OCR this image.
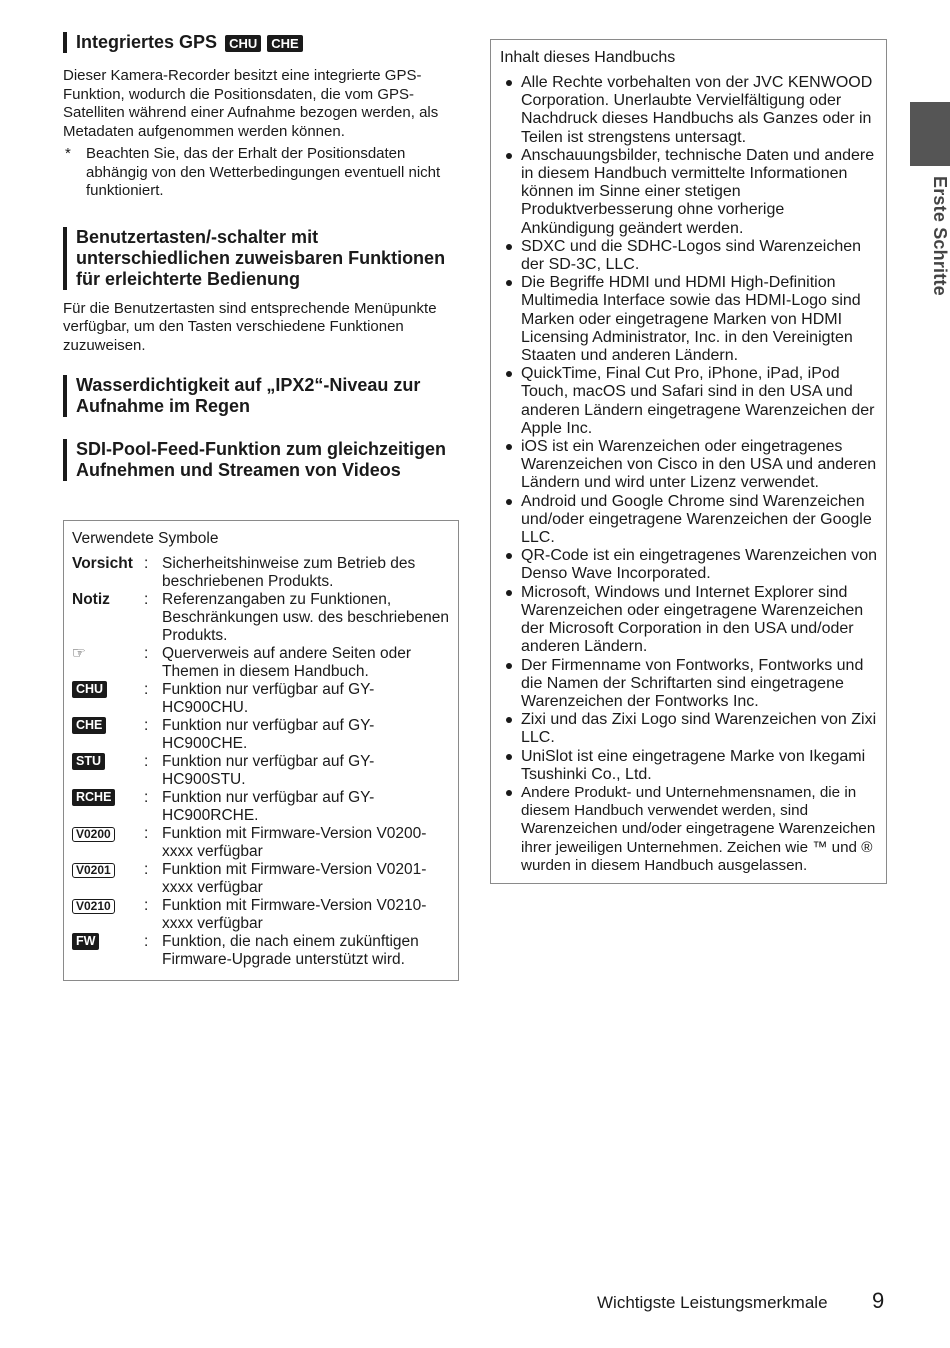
Integriertes GPS CHU CHE

Dieser Kamera-Recorder besitzt eine integrierte GPS-Funktion, wodurch die Positionsdaten, die vom GPS-Satelliten während einer Aufnahme bezogen werden, als Metadaten aufgenommen werden können.

* Beachten Sie, das der Erhalt der Positionsdaten abhängig von den Wetterbedingungen eventuell nicht funktioniert.
Benutzertasten/-schalter mit unterschiedlichen zuweisbaren Funktionen für erleichterte Bedienung

Für die Benutzertasten sind entsprechende Menüpunkte verfügbar, um den Tasten verschiedene Funktionen zuzuweisen.

Wasserdichtigkeit auf „IPX2“-Niveau zur Aufnahme im Regen
SDI-Pool-Feed-Funktion zum gleichzeitigen Aufnehmen und Streamen von Videos

Verwendete Symbole

Vorsicht : Sicherheitshinweise zum Betrieb des beschriebenen Produkts.
Notiz	: Referenzangaben zu Funktionen, Beschränkungen usw. des beschriebenen Produkts.
☞	: Querverweis auf andere Seiten oder Themen in diesem Handbuch.
CHU	: Funktion nur verfügbar auf GY-HC900CHU.
CHE	: Funktion nur verfügbar auf GY-HC900CHE.
STU	: Funktion nur verfügbar auf GY-HC900STU.
RCHE	: Funktion nur verfügbar auf GY-HC900RCHE.
V0200	: Funktion mit Firmware-Version V0200-xxxx verfügbar
V0201	: Funktion mit Firmware-Version V0201-xxxx verfügbar
V0210	: Funktion mit Firmware-Version V0210-xxxx verfügbar
FW	: Funktion, die nach einem zukünftigen Firmware-Upgrade unterstützt wird.

Inhalt dieses Handbuchs

Alle Rechte vorbehalten von der JVC KENWOOD Corporation. Unerlaubte Vervielfältigung oder Nachdruck dieses Handbuchs als Ganzes oder in Teilen ist strengstens untersagt.
Anschauungsbilder, technische Daten und andere in diesem Handbuch vermittelte Informationen können im Sinne einer stetigen Produktverbesserung ohne vorherige Ankündigung geändert werden.
SDXC und die SDHC-Logos sind Warenzeichen der SD-3C, LLC.
Die Begriffe HDMI und HDMI High-Definition Multimedia Interface sowie das HDMI-Logo sind Marken oder eingetragene Marken von HDMI Licensing Administrator, Inc. in den Vereinigten Staaten und anderen Ländern.
QuickTime, Final Cut Pro, iPhone, iPad, iPod Touch, macOS und Safari sind in den USA und anderen Ländern eingetragene Warenzeichen der Apple Inc.
iOS ist ein Warenzeichen oder eingetragenes Warenzeichen von Cisco in den USA und anderen Ländern und wird unter Lizenz verwendet.
Android und Google Chrome sind Warenzeichen und/oder eingetragene Warenzeichen der Google LLC.
QR-Code ist ein eingetragenes Warenzeichen von Denso Wave Incorporated.
Microsoft, Windows und Internet Explorer sind Warenzeichen oder eingetragene Warenzeichen der Microsoft Corporation in den USA und/oder anderen Ländern.
Der Firmenname von Fontworks, Fontworks und die Namen der Schriftarten sind eingetragene Warenzeichen der Fontworks Inc.
Zixi und das Zixi Logo sind Warenzeichen von Zixi LLC.
UniSlot ist eine eingetragene Marke von Ikegami Tsushinki Co., Ltd.
Andere Produkt- und Unternehmensnamen, die in diesem Handbuch verwendet werden, sind Warenzeichen und/oder eingetragene Warenzeichen ihrer jeweiligen Unternehmen. Zeichen wie ™ und ® wurden in diesem Handbuch ausgelassen.
Erste Schritte
Wichtigste Leistungsmerkmale 9
